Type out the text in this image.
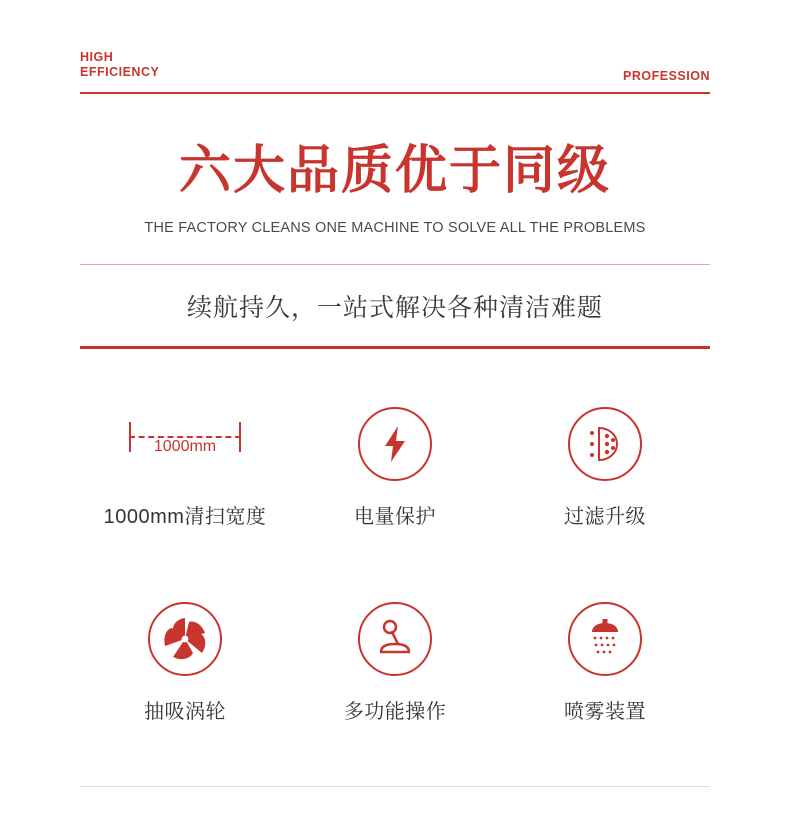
HIGH
EFFICIENCY	PROFESSION
六大品质优于同级
THE FACTORY CLEANS ONE MACHINE TO SOLVE ALL THE PROBLEMS
续航持久，一站式解决各种清洁难题
1000mm
1000mm清扫宽度	电量保护	过滤升级
抽吸涡轮	多功能操作	喷雾装置
